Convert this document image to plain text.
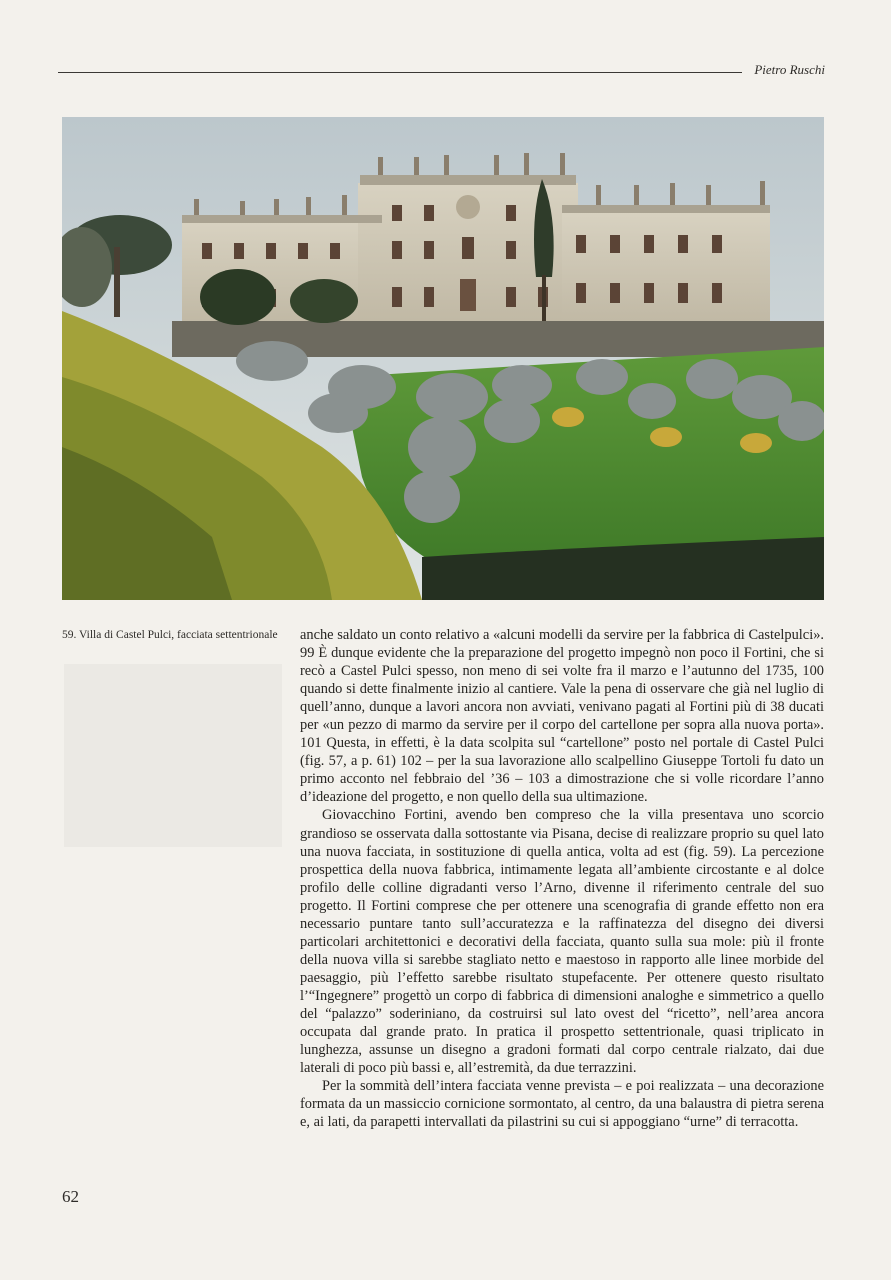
Pietro Ruschi
59. Villa di Castel Pulci, facciata settentrionale
62

anche saldato un conto relativo a «alcuni modelli da servire per la fabbrica di Castelpulci». 99 È dunque evidente che la preparazione del progetto impegnò non poco il Fortini, che si recò a Castel Pulci spesso, non meno di sei volte fra il marzo e l’autunno del 1735, 100 quando si dette finalmente inizio al cantiere. Vale la pena di osservare che già nel luglio di quell’anno, dunque a lavori ancora non avviati, venivano pagati al Fortini più di 38 ducati per «un pezzo di marmo da servire per il corpo del cartellone per sopra alla nuova porta». 101 Questa, in effetti, è la data scolpita sul “cartellone” posto nel portale di Castel Pulci (fig. 57, a p. 61) 102 – per la sua lavorazione allo scalpellino Giuseppe Tortoli fu dato un primo acconto nel febbraio del ’36 – 103 a dimostrazione che si volle ricordare l’anno d’ideazione del progetto, e non quello della sua ultimazione.

Giovacchino Fortini, avendo ben compreso che la villa presentava uno scorcio grandioso se osservata dalla sottostante via Pisana, decise di realizzare proprio su quel lato una nuova facciata, in sostituzione di quella antica, volta ad est (fig. 59). La percezione prospettica della nuova fabbrica, intimamente legata all’ambiente circostante e al dolce profilo delle colline digradanti verso l’Arno, divenne il riferimento centrale del suo progetto. Il Fortini comprese che per ottenere una scenografia di grande effetto non era necessario puntare tanto sull’accuratezza e la raffinatezza del disegno dei diversi particolari architettonici e decorativi della facciata, quanto sulla sua mole: più il fronte della nuova villa si sarebbe stagliato netto e maestoso in rapporto alle linee morbide del paesaggio, più l’effetto sarebbe risultato stupefacente. Per ottenere questo risultato l’“Ingegnere” progettò un corpo di fabbrica di dimensioni analoghe e simmetrico a quello del “palazzo” soderiniano, da costruirsi sul lato ovest del “ricetto”, nell’area ancora occupata dal grande prato. In pratica il prospetto settentrionale, quasi triplicato in lunghezza, assunse un disegno a gradoni formati dal corpo centrale rialzato, dai due laterali di poco più bassi e, all’estremità, da due terrazzini.

Per la sommità dell’intera facciata venne prevista – e poi realizzata – una decorazione formata da un massiccio cornicione sormontato, al centro, da una balaustra di pietra serena e, ai lati, da parapetti intervallati da pilastrini su cui si appoggiano “urne” di terracotta.
